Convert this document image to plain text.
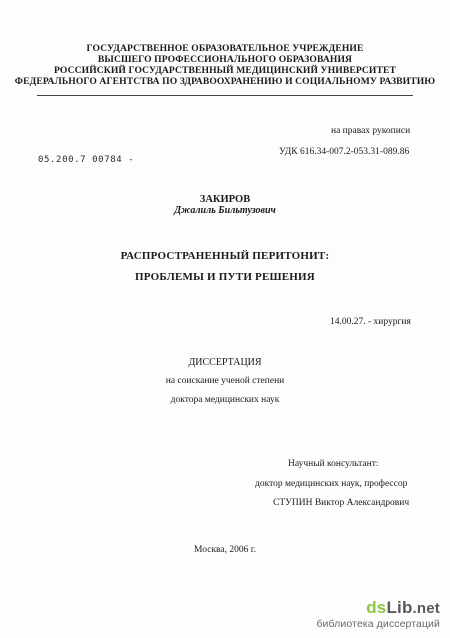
ГОСУДАРСТВЕННОЕ ОБРАЗОВАТЕЛЬНОЕ УЧРЕЖДЕНИЕ
ВЫСШЕГО ПРОФЕССИОНАЛЬНОГО ОБРАЗОВАНИЯ
РОССИЙСКИЙ ГОСУДАРСТВЕННЫЙ МЕДИЦИНСКИЙ УНИВЕРСИТЕТ
ФЕДЕРАЛЬНОГО АГЕНТСТВА ПО ЗДРАВООХРАНЕНИЮ И СОЦИАЛЬНОМУ РАЗВИТИЮ
на правах рукописи
УДК 616.34-007.2-053.31-089.86
05.200.7 00784 -
ЗАКИРОВ
Джалиль Бильтузович
РАСПРОСТРАНЕННЫЙ ПЕРИТОНИТ:
ПРОБЛЕМЫ И ПУТИ РЕШЕНИЯ
14.00.27. - хирургия
ДИССЕРТАЦИЯ
на соискание ученой степени
доктора медицинских наук
Научный консультант:
доктор медицинских наук, профессор
СТУПИН Виктор Александрович
Москва, 2006 г.
dsLib.net
библиотека диссертаций
